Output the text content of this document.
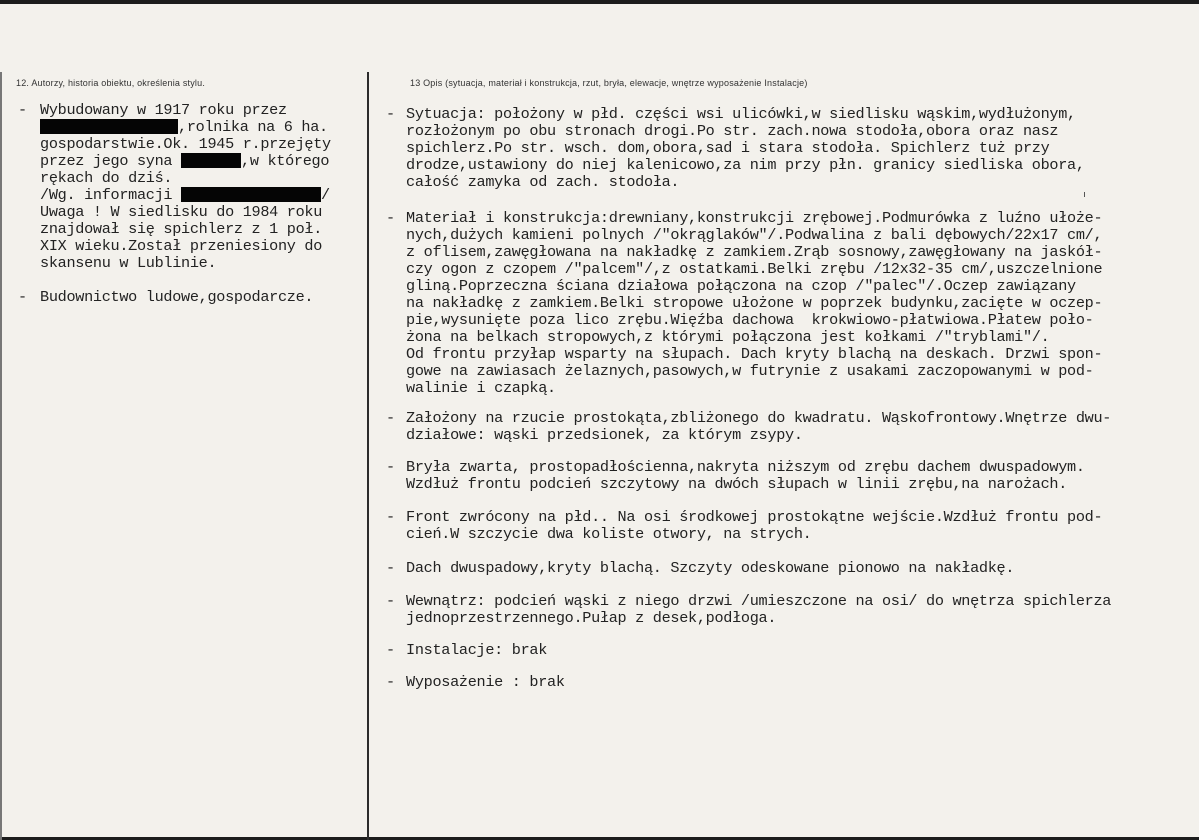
12. Autorzy, historia obiektu, określenia stylu.	13 Opis (sytuacja, materiał i konstrukcja, rzut, bryła, elewacje, wnętrze wyposażenie Instalacje)
- Wybudowany w 1917 roku przez
,rolnika na 6 ha.
gospodarstwie.Ok. 1945 r.przejęty
przez jego syna	,w którego
rękach do dziś.
/Wg. informacji	/
Uwaga ! W siedlisku do 1984 roku
znajdował się spichlerz z 1 poł.
XIX wieku.Został przeniesiony do
skansenu w Lublinie.
- Budownictwo ludowe,gospodarcze.
- Sytuacja: położony w płd. części wsi ulicówki,w siedlisku wąskim,wydłużonym,
rozłożonym po obu stronach drogi.Po str. zach.nowa stodoła,obora oraz nasz
spichlerz.Po str. wsch. dom,obora,sad i stara stodoła. Spichlerz tuż przy
drodze,ustawiony do niej kalenicowo,za nim przy płn. granicy siedliska obora,
całość zamyka od zach. stodoła.
- Materiał i konstrukcja:drewniany,konstrukcji zrębowej.Podmurówka z luźno ułoże-
nych,dużych kamieni polnych /"okrąglaków"/.Podwalina z bali dębowych/22x17 cm/,
z oflisem,zawęgłowana na nakładkę z zamkiem.Zrąb sosnowy,zawęgłowany na jaskół-
czy ogon z czopem /"palcem"/,z ostatkami.Belki zrębu /12x32-35 cm/,uszczelnione
gliną.Poprzeczna ściana działowa połączona na czop /"palec"/.Oczep zawiązany
na nakładkę z zamkiem.Belki stropowe ułożone w poprzek budynku,zacięte w oczep-
pie,wysunięte poza lico zrębu.Więźba dachowa  krokwiowo-płatwiowa.Płatew poło-
żona na belkach stropowych,z którymi połączona jest kołkami /"tryblami"/.
Od frontu przyłap wsparty na słupach. Dach kryty blachą na deskach. Drzwi spon-
gowe na zawiasach żelaznych,pasowych,w futrynie z usakami zaczopowanymi w pod-
walinie i czapką.
- Założony na rzucie prostokąta,zbliżonego do kwadratu. Wąskofrontowy.Wnętrze dwu-
działowe: wąski przedsionek, za którym zsypy.
- Bryła zwarta, prostopadłościenna,nakryta niższym od zrębu dachem dwuspadowym.
Wzdłuż frontu podcień szczytowy na dwóch słupach w linii zrębu,na narożach.
- Front zwrócony na płd.. Na osi środkowej prostokątne wejście.Wzdłuż frontu pod-
cień.W szczycie dwa koliste otwory, na strych.
- Dach dwuspadowy,kryty blachą. Szczyty odeskowane pionowo na nakładkę.
- Wewnątrz: podcień wąski z niego drzwi /umieszczone na osi/ do wnętrza spichlerza
jednoprzestrzennego.Pułap z desek,podłoga.
- Instalacje: brak
- Wyposażenie : brak
